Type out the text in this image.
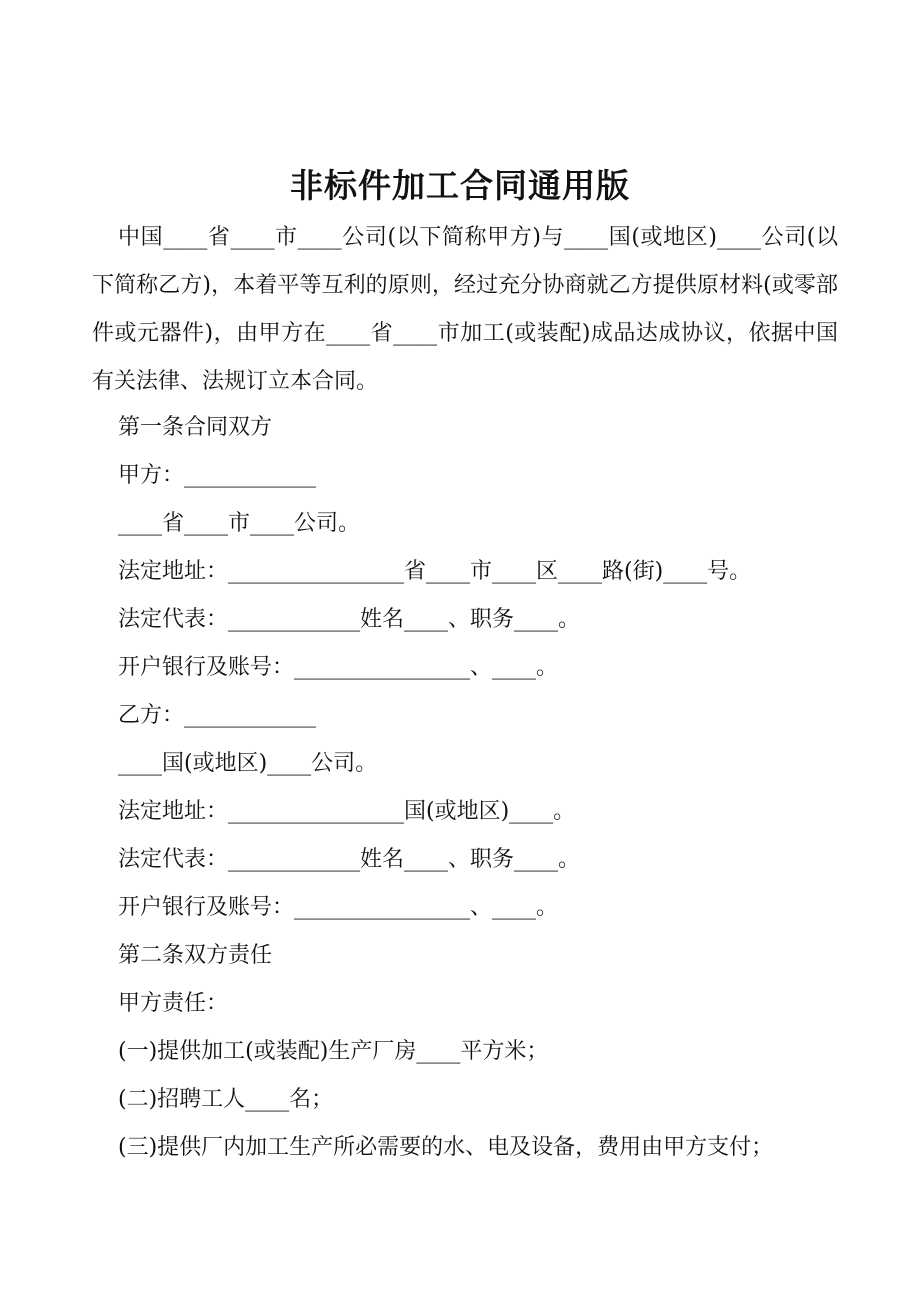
非标件加工合同通用版

中国____省____市____公司(以下简称甲方)与____国(或地区)____公司(以下简称乙方)，本着平等互利的原则，经过充分协商就乙方提供原材料(或零部件或元器件)，由甲方在____省____市加工(或装配)成品达成协议，依据中国有关法律、法规订立本合同。

第一条合同双方
甲方：____________
____省____市____公司。
法定地址：________________省____市____区____路(街)____号。
法定代表：____________姓名____、职务____。
开户银行及账号：________________、____。
乙方：____________
____国(或地区)____公司。
法定地址：________________国(或地区)____。
法定代表：____________姓名____、职务____。
开户银行及账号：________________、____。
第二条双方责任
甲方责任：
(一)提供加工(或装配)生产厂房____平方米；
(二)招聘工人____名；
(三)提供厂内加工生产所必需要的水、电及设备，费用由甲方支付；
